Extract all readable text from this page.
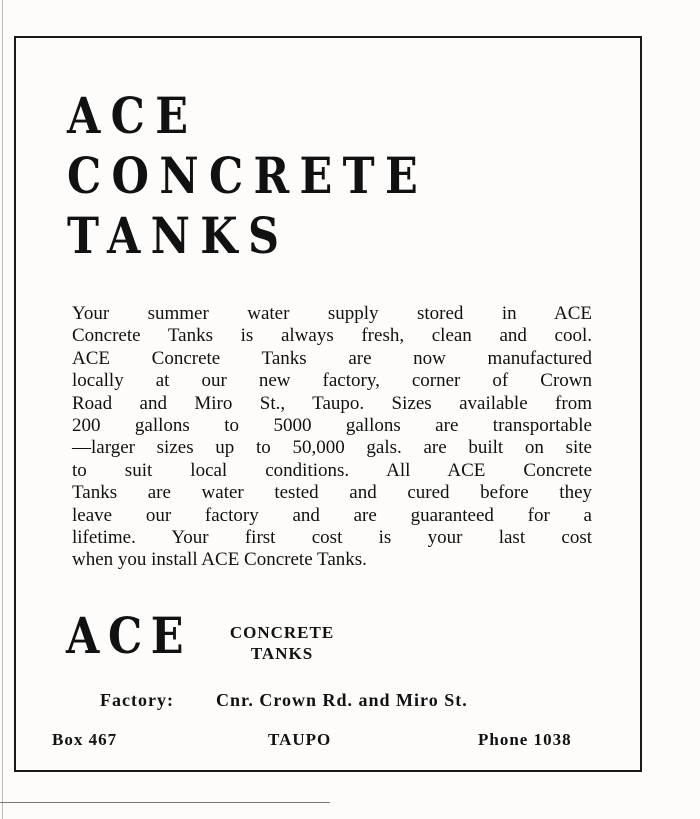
ACE
CONCRETE
TANKS

Your summer water supply stored in ACE
Concrete Tanks is always fresh, clean and cool.
ACE Concrete Tanks are now manufactured
locally at our new factory, corner of Crown
Road and Miro St., Taupo. Sizes available from
200 gallons to 5000 gallons are transportable
—larger sizes up to 50,000 gals. are built on site
to suit local conditions. All ACE Concrete
Tanks are water tested and cured before they
leave our factory and are guaranteed for a
lifetime. Your first cost is your last cost
when you install ACE Concrete Tanks.

ACE	CONCRETE
TANKS
Factory: Cnr. Crown Rd. and Miro St.
Box 467	TAUPO	Phone 1038
